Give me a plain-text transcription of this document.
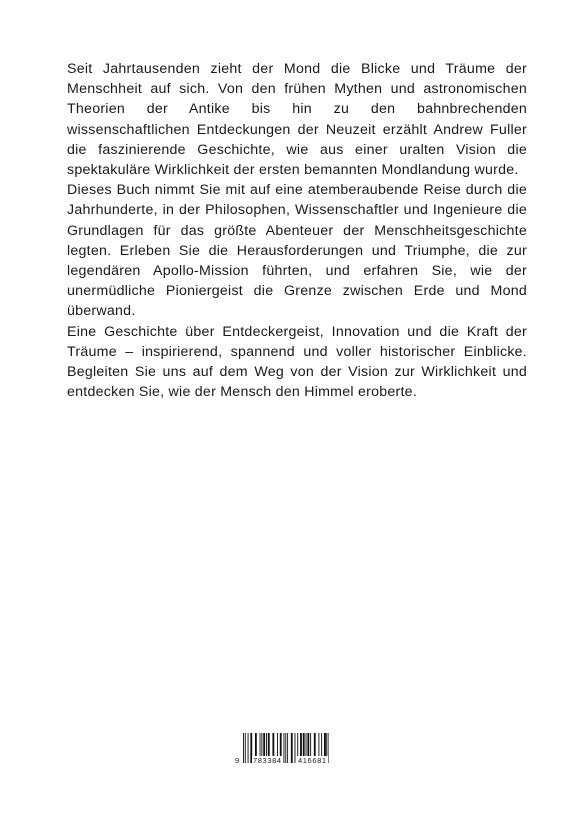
Seit Jahrtausenden zieht der Mond die Blicke und Träume der Menschheit auf sich. Von den frühen Mythen und astronomischen Theorien der Antike bis hin zu den bahnbrechenden wissenschaftlichen Entdeckungen der Neuzeit erzählt Andrew Fuller die faszinierende Geschichte, wie aus einer uralten Vision die spektakuläre Wirklichkeit der ersten bemannten Mondlandung wurde.

Dieses Buch nimmt Sie mit auf eine atemberaubende Reise durch die Jahrhunderte, in der Philosophen, Wissenschaftler und Ingenieure die Grundlagen für das größte Abenteuer der Menschheitsgeschichte legten. Erleben Sie die Herausforderungen und Triumphe, die zur legendären Apollo-Mission führten, und erfahren Sie, wie der unermüdliche Pioniergeist die Grenze zwischen Erde und Mond überwand.

Eine Geschichte über Entdeckergeist, Innovation und die Kraft der Träume – inspirierend, spannend und voller historischer Einblicke. Begleiten Sie uns auf dem Weg von der Vision zur Wirklichkeit und entdecken Sie, wie der Mensch den Himmel eroberte.

9 783384 416681
